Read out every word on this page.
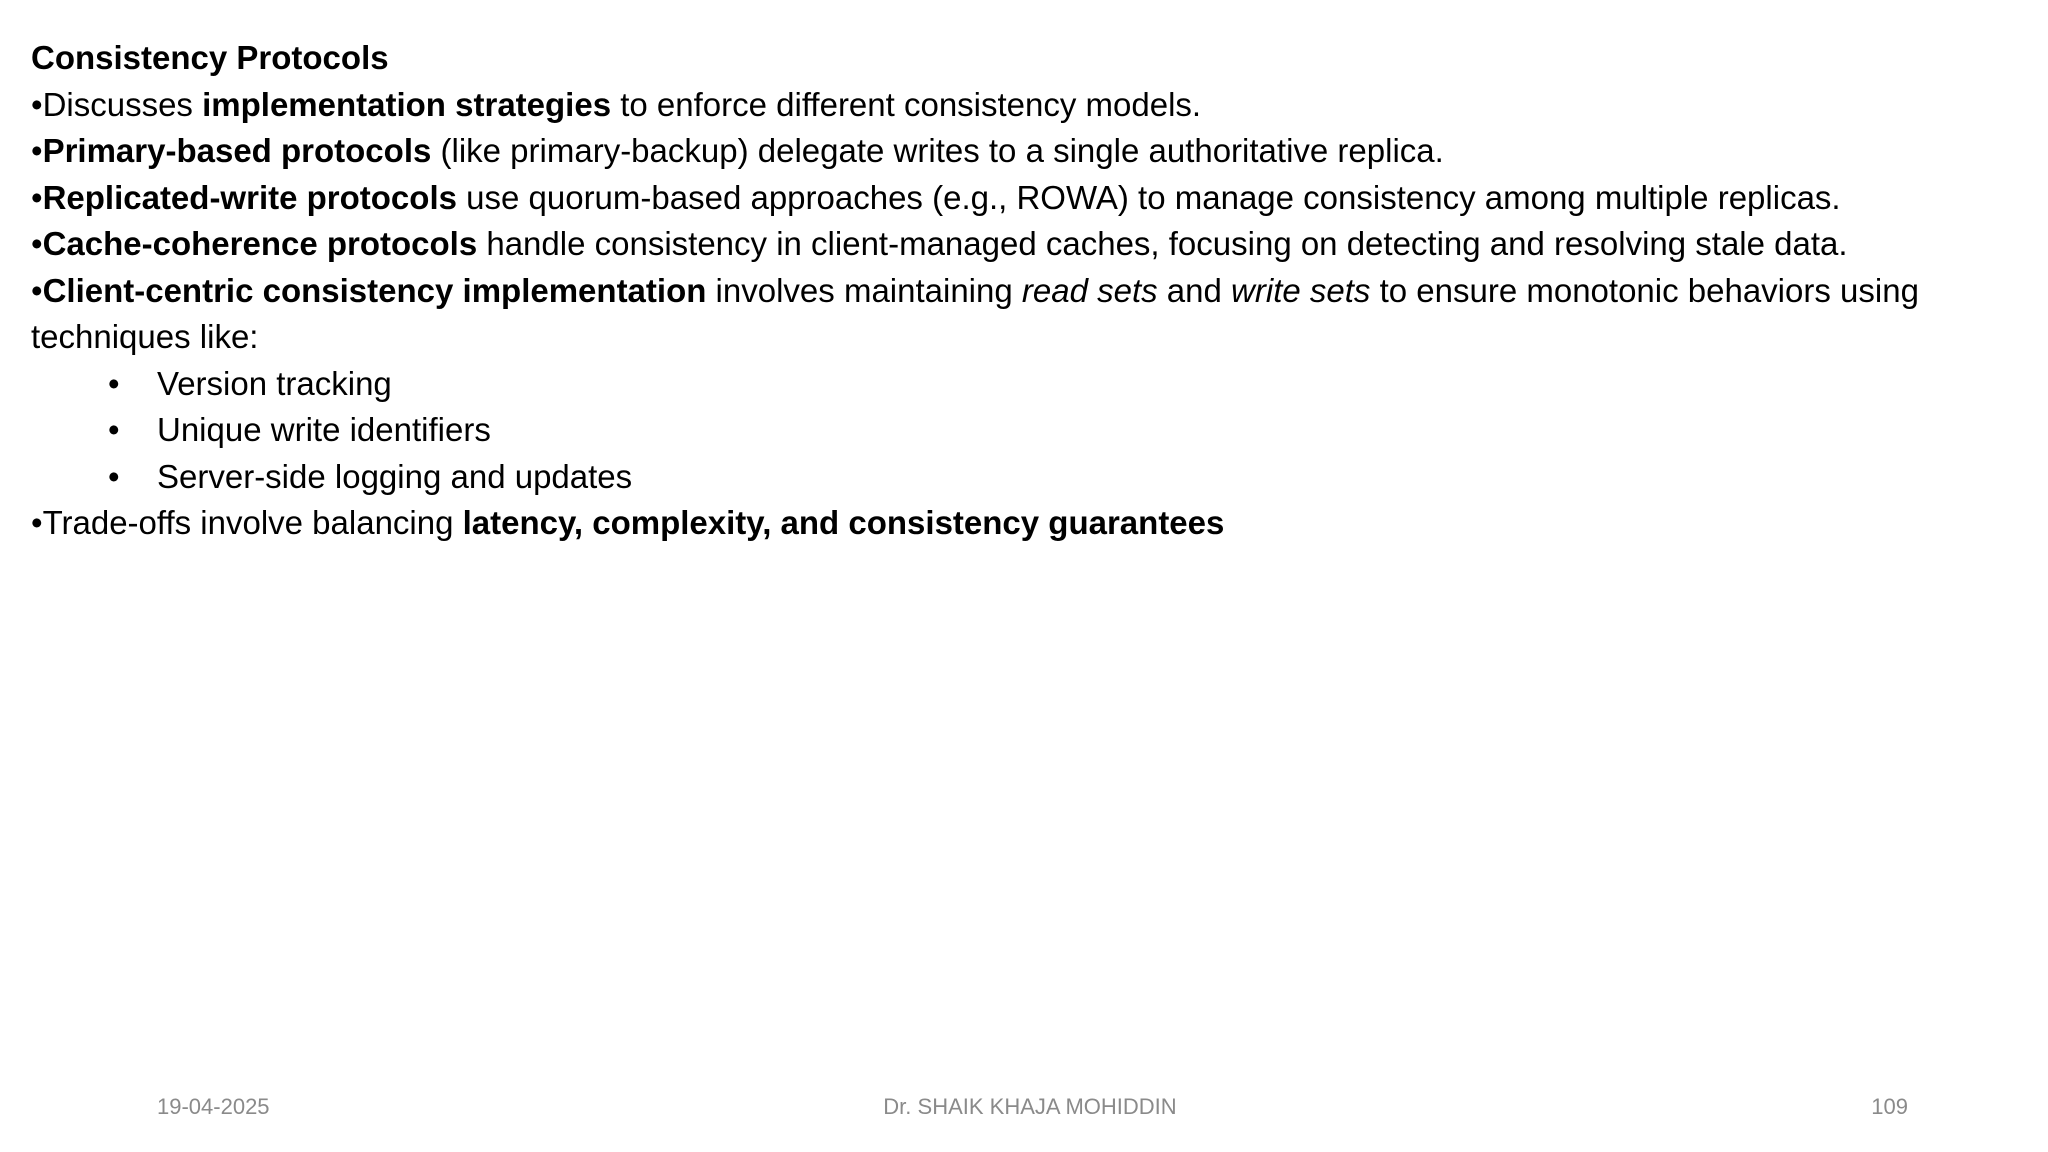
Consistency Protocols
•Discusses implementation strategies to enforce different consistency models.
•Primary-based protocols (like primary-backup) delegate writes to a single authoritative replica.
•Replicated-write protocols use quorum-based approaches (e.g., ROWA) to manage consistency among multiple replicas.
•Cache-coherence protocols handle consistency in client-managed caches, focusing on detecting and resolving stale data.
•Client-centric consistency implementation involves maintaining read sets and write sets to ensure monotonic behaviors using techniques like:
• Version tracking
• Unique write identifiers
• Server-side logging and updates
•Trade-offs involve balancing latency, complexity, and consistency guarantees
19-04-2025	Dr. SHAIK KHAJA MOHIDDIN	109
